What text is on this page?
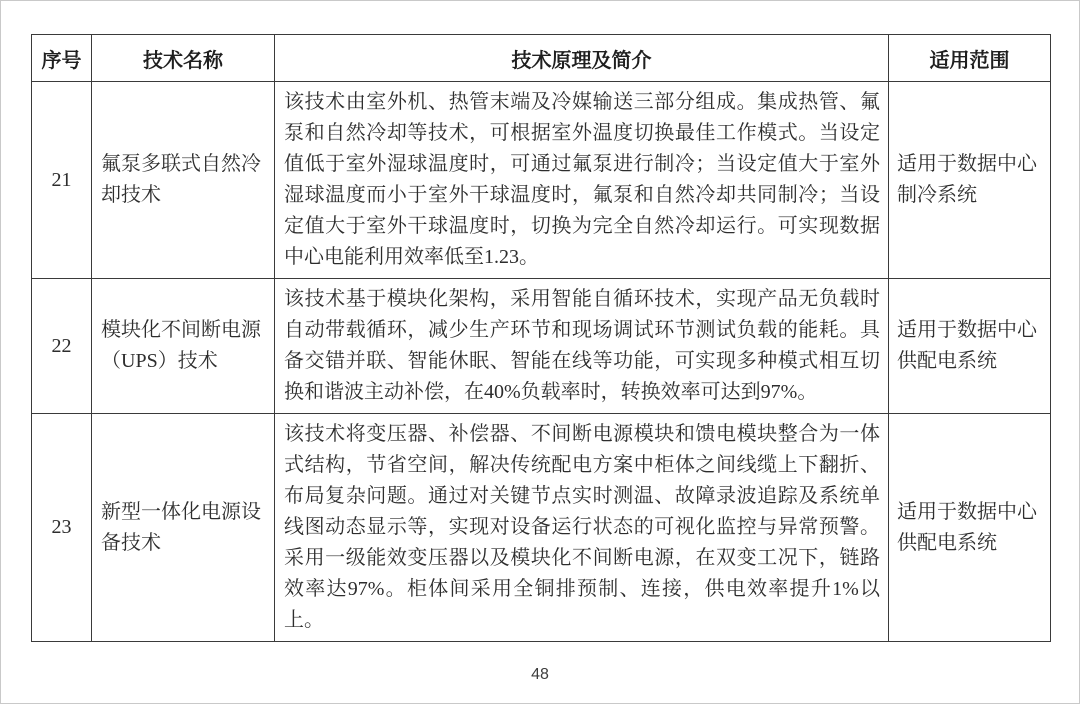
序号	技术名称	技术原理及简介	适用范围
21	氟泵多联式自然冷却技术	该技术由室外机、热管末端及冷媒输送三部分组成。集成热管、氟泵和自然冷却等技术，可根据室外温度切换最佳工作模式。当设定值低于室外湿球温度时，可通过氟泵进行制冷；当设定值大于室外湿球温度而小于室外干球温度时，氟泵和自然冷却共同制冷；当设定值大于室外干球温度时，切换为完全自然冷却运行。可实现数据中心电能利用效率低至1.23。	适用于数据中心制冷系统
22	模块化不间断电源（UPS）技术	该技术基于模块化架构，采用智能自循环技术，实现产品无负载时自动带载循环，减少生产环节和现场调试环节测试负载的能耗。具备交错并联、智能休眠、智能在线等功能，可实现多种模式相互切换和谐波主动补偿，在40%负载率时，转换效率可达到97%。	适用于数据中心供配电系统
23	新型一体化电源设备技术	该技术将变压器、补偿器、不间断电源模块和馈电模块整合为一体式结构，节省空间，解决传统配电方案中柜体之间线缆上下翻折、布局复杂问题。通过对关键节点实时测温、故障录波追踪及系统单线图动态显示等，实现对设备运行状态的可视化监控与异常预警。采用一级能效变压器以及模块化不间断电源，在双变工况下，链路效率达97%。柜体间采用全铜排预制、连接，供电效率提升1%以上。	适用于数据中心供配电系统
48
